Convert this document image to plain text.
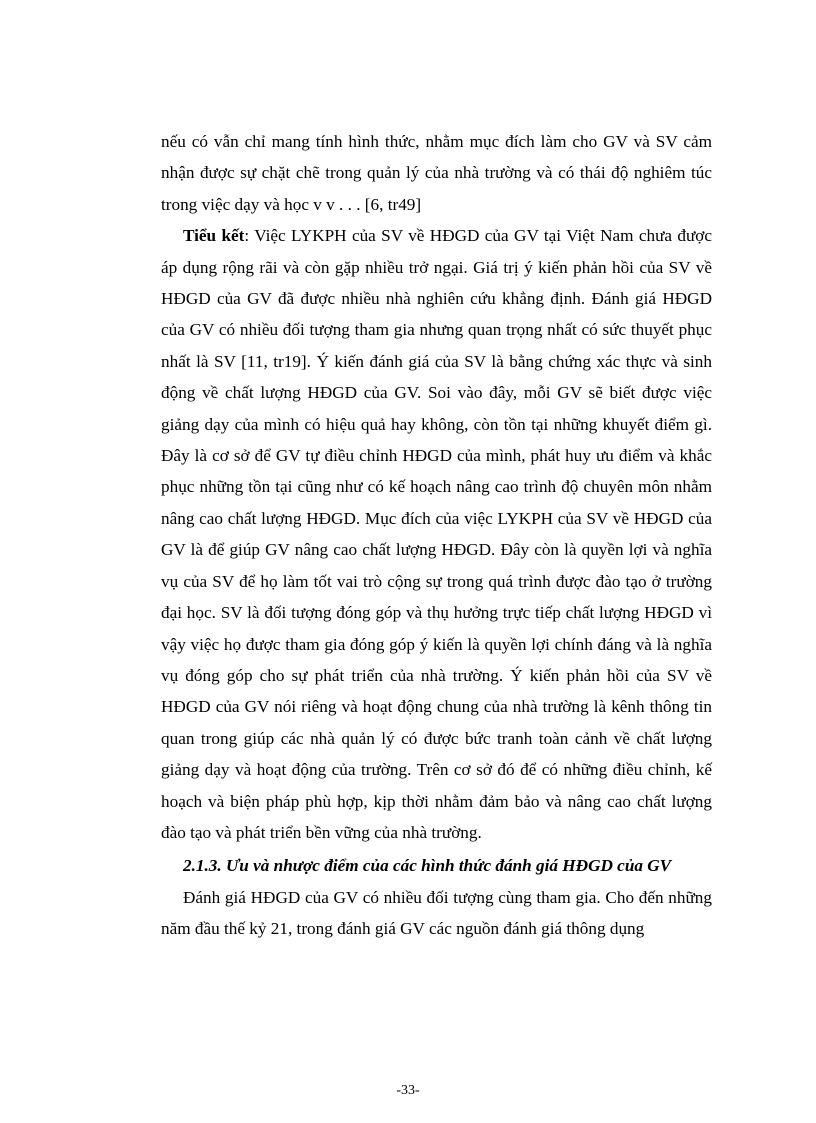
nếu có vẫn chỉ mang tính hình thức, nhằm mục đích làm cho GV và SV cảm nhận được sự chặt chẽ trong quản lý của nhà trường và có thái độ nghiêm túc trong việc dạy và học v v . . . [6, tr49]

Tiểu kết: Việc LYKPH của SV về HĐGD của GV tại Việt Nam chưa được áp dụng rộng rãi và còn gặp nhiều trở ngại. Giá trị ý kiến phản hồi của SV về HĐGD của GV đã được nhiều nhà nghiên cứu khẳng định. Đánh giá HĐGD của GV có nhiều đối tượng tham gia nhưng quan trọng nhất có sức thuyết phục nhất là SV [11, tr19]. Ý kiến đánh giá của SV là bằng chứng xác thực và sinh động về chất lượng HĐGD của GV. Soi vào đây, mỗi GV sẽ biết được việc giảng dạy của mình có hiệu quả hay không, còn tồn tại những khuyết điểm gì. Đây là cơ sở để GV tự điều chỉnh HĐGD của mình, phát huy ưu điểm và khắc phục những tồn tại cũng như có kế hoạch nâng cao trình độ chuyên môn nhằm nâng cao chất lượng HĐGD. Mục đích của việc LYKPH của SV về HĐGD của GV là để giúp GV nâng cao chất lượng HĐGD. Đây còn là quyền lợi và nghĩa vụ của SV để họ làm tốt vai trò cộng sự trong quá trình được đào tạo ở trường đại học. SV là đối tượng đóng góp và thụ hưởng trực tiếp chất lượng HĐGD vì vậy việc họ được tham gia đóng góp ý kiến là quyền lợi chính đáng và là nghĩa vụ đóng góp cho sự phát triển của nhà trường. Ý kiến phản hồi của SV về HĐGD của GV nói riêng và hoạt động chung của nhà trường là kênh thông tin quan trong giúp các nhà quản lý có được bức tranh toàn cảnh về chất lượng giảng dạy và hoạt động của trường. Trên cơ sở đó để có những điều chỉnh, kế hoạch và biện pháp phù hợp, kịp thời nhằm đảm bảo và nâng cao chất lượng đào tạo và phát triển bền vững của nhà trường.

2.1.3. Ưu và nhược điểm của các hình thức đánh giá HĐGD của GV

Đánh giá HĐGD của GV có nhiều đối tượng cùng tham gia. Cho đến những năm đầu thế kỷ 21, trong đánh giá GV các nguồn đánh giá thông dụng

-33-
